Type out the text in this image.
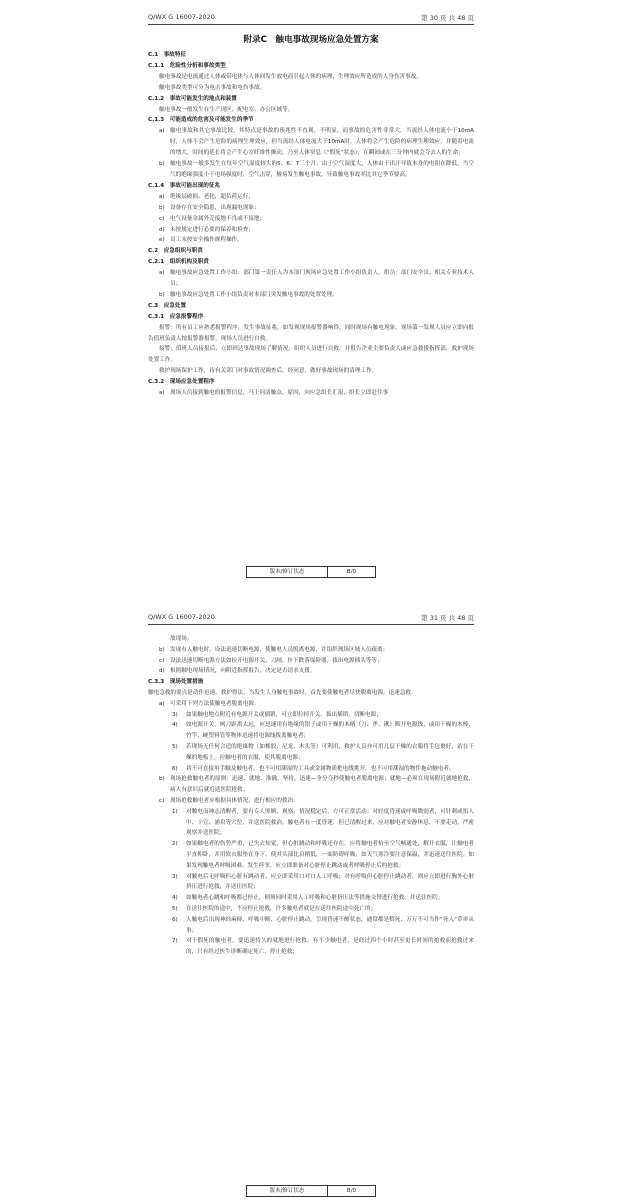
Q/WX G 16007-2020	第 30 页 共 48 页
附录C　触电事故现场应急处置方案
C.1　事故特征
C.1.1　危险性分析和事故类型
触电事故是电流通过人体或带电体与人体间发生放电而引起人体的病理、生理效应所造成的人身伤害事故。
触电事故类型可分为电击事故和电伤事故。
C.1.2　事故可能发生的地点和装置
触电事故一般发生在生产现区、配电室、办公区域等。
C.1.3　可能造成的危害及可能发生的季节
a) 触电事故和其它事故比较，其特点是事故的预兆性不直观、不明显，而事故的危害性非常大。当流经人体电流小于10mA时，人体不会产生危险的病理生理效应，但当流经人体电流大于10mA时，人体将会产生危险的病理生理效应，并随着电流的增大、时间的延长将会产生心室纤维性颤动，乃至人体窒息（“假死”状态），在瞬间或在三分钟内就会夺去人的生命；
b) 触电事故一般多发生在每年空气湿度较大的5、6、7三个月。由于空气湿度大，人体由于出汗导致本身的电阻在降低，当空气的绝缘强度小于电场强度时，空气击穿，极易发生触电事故，导致触电事故率比其它季节要高。
C.1.4　事故可能出现的征兆
a) 绝缘层破损、老化，超负荷运行；
b) 设备存在安全隐患，出现漏电现象；
c) 电气设备金属外壳接地不良或不接地；
d) 未按规定进行必要的保养和检查；
e) 员工未按安全操作规程操作。
C.2　应急组织与职责
C.2.1　组织机构及职责
a) 触电事故应急处置工作小组：部门第一责任人为本部门现场应急处置工作小组负责人。组员：部门安全员、相关专业技术人员；
b) 触电事故应急处置工作小组负责对本部门突发触电事故的处置处理。
C.3　应急处置
C.3.1　应急报警程序
报警：所有员工应熟悉报警程序，发生事故征兆，如发现现场报警器响铃，同时现场有触电现象。现场第一发现人员应立即向报告值班负责人按报警器报警，现场人员进行自救。
接警：值班人员接报后，立即到达事故现场了解情况，组织人员进行自救，并报告企业主要负责人或应急救援指挥部，救护现场处置工作。
救护现场保护工作，待有关部门对事故情况调查后，经同意，做好事故现场的清理工作。
C.3.2　现场应急处置程序
a) 现场人员接到触电的报警信息，马上问清触点、原因，向应急组长汇报，组长立即赶往事
版本/修订状态	B/0
Q/WX G 16007-2020	第 31 页 共 48 页
故现场；
b) 发现有人触电时，设法迅速切断电源，使触电人员脱离电源，并组织现场区域人员疏离；
c) 设法迅速切断电源方法如拉开电源开关、刀闸，拉下跌落保险器，拔出电源插头等等；
d) 根据触电现场情况，向附近指挥报告，决定是否请求支援。
C.3.3　现场处置措施
触电急救的要点是动作迅速，救护得法，当发生人身触电事故时，首先要使触电者尽快脱离电源，迅速急救。
a) 可采用下列方法使触电者脱离电源：
3) 如果触电地点附近有电源开关或插销，可立即拉掉开关、拔出插销，切断电源；
4) 如电源开关、闸刀距离太远，应迅速用有绝缘的钳子或用干燥的木柄（刀、斧、锹）断开电源线，或用干燥的木棒、竹竿、硬塑料管等物体迅速将电源线拨离触电者；
5) 若现场无任何合适的绝缘物（如橡胶、尼龙、木头等）可利用，救护人员亦可用几层干燥的衣服将手包裹好，站在干燥的地板上，拉触电者的衣服，使其脱离电源；
6) 切不可直接用手触及触电者，也不可用潮湿的工具或金属物质把电线挑开，也不可用潮湿的物件拖动触电者。
b) 现场抢救触电者的原则：迅速、就地、准确、坚持。迅速—争分夺秒使触电者脱离电源；就地—必须在现场附近就地抢救，病人有意识后就近送医院抢救。
c) 现场抢救触电者应根据具体情况，进行相应的救治：
1) 对触电而神志清醒者，要有专人照顾、观察，情况稳定后，方可正常活动；对轻度昏迷或呼吸微弱者，可针刺或掐人中、十宣、涌泉等穴位，并送医院救治。触电者有一度昏迷，但已清醒过来，应对触电者安静休息，不要走动，严密观察并送医院；
2) 如果触电者的伤势严重，已失去知觉，但心脏跳动和呼吸还存在，应将触电者抬至空气畅通处，解开衣服，让触电者平直仰卧，并用软衣服垫在身下，使其头部比肩稍低，一面防碍呼吸，如天气寒冷要注意保温，并迅速送往医院。如果发现触电者呼吸困难，发生痉挛，应立即准备对心脏停止跳动或者呼吸停止后的抢救；
3) 对触电后无呼吸但心脏有跳动者，应立即采用口对口人工呼吸；对有呼吸但心脏停止跳动者，则应立即进行胸外心脏挤压进行抢救，并送往医院；
4) 如触电者心跳和呼吸都已停止，则须同时采用人工呼吸和心脏挤压法等措施交替进行抢救，并送往医院；
5) 在送往医院的途中，不应停止抢救，许多触电者就是在送往医院途中死亡的；
6) 人触电后出现神经麻痹、呼吸中断、心脏停止跳动，呈现昏迷不醒状态，通常都是假死，万万不可当作“死人”草率从事；
7) 对于假死的触电者，要迅速持久的就地进行抢救，有不少触电者，是经过四个小时甚至更长时间的抢救而抢救过来的，只有经过医生诊断确定死亡，停止抢救；
版本/修订状态	B/0
